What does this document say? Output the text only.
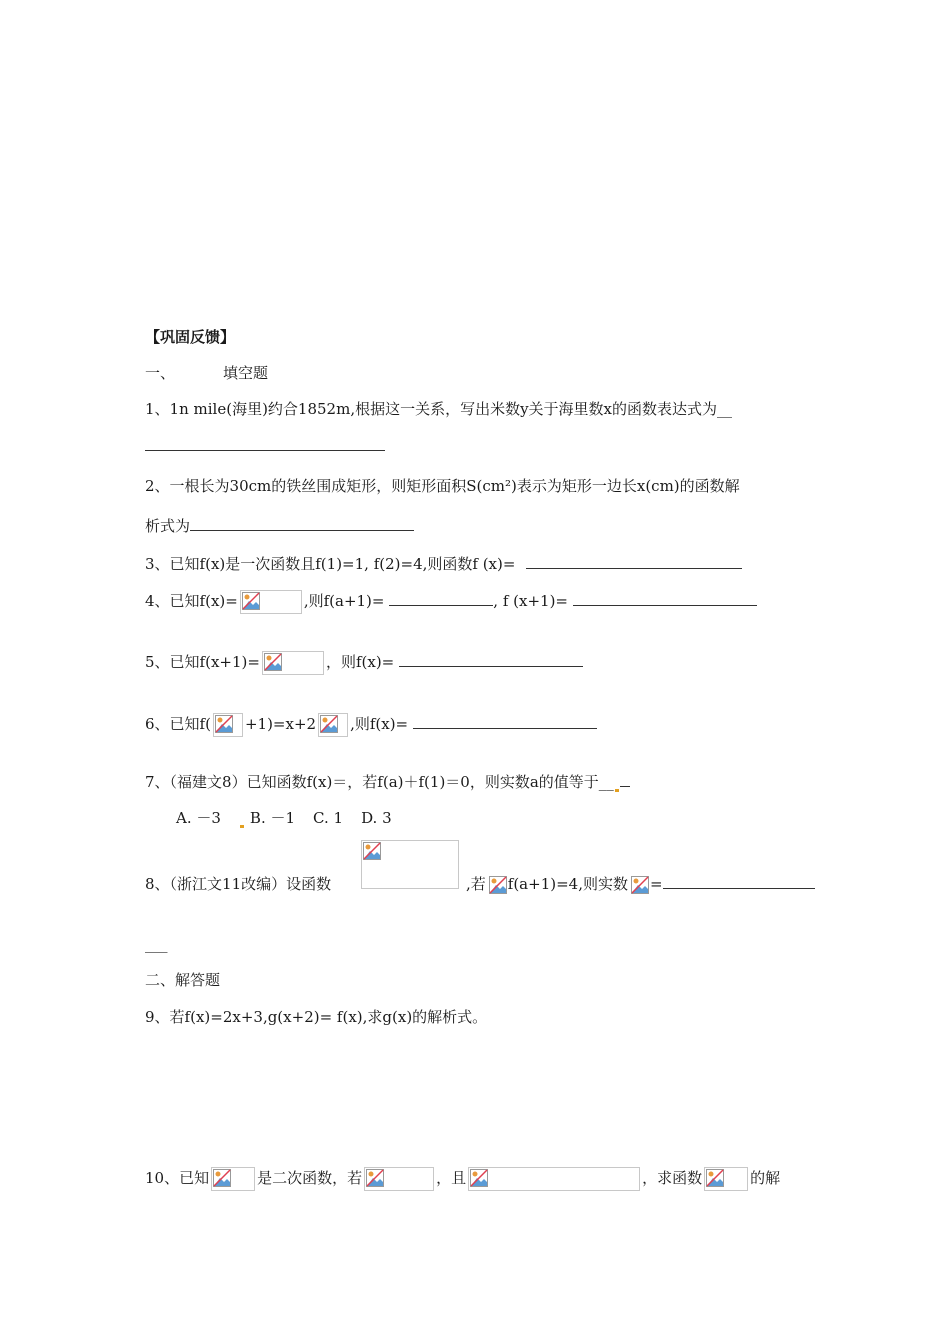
【巩固反馈】
一、	填空题
1、1n mile(海里)约合1852m,根据这一关系，写出米数y关于海里数x的函数表达式为__
2、一根长为30cm的铁丝围成矩形，则矩形面积S(cm²)表示为矩形一边长x(cm)的函数解
析式为
3、已知f(x)是一次函数且f(1)=1, f(2)=4,则函数f (x)=
4、已知f(x)=	,则f(a+1)=	, f (x+1)=
5、已知f(x+1)=	，则f(x)=
6、已知f( +1)=x+2 ,则f(x)=
7、（福建文8）已知函数f(x)＝，若f(a)＋f(1)＝0，则实数a的值等于__
A. －3 B. －1 C. 1 D. 3
8、（浙江文11改编）设函数	,若 f(a+1)=4,则实数 =
___
二、解答题
9、若f(x)=2x+3,g(x+2)= f(x),求g(x)的解析式。
10、已知	是二次函数，若	，且	，求函数	的解
